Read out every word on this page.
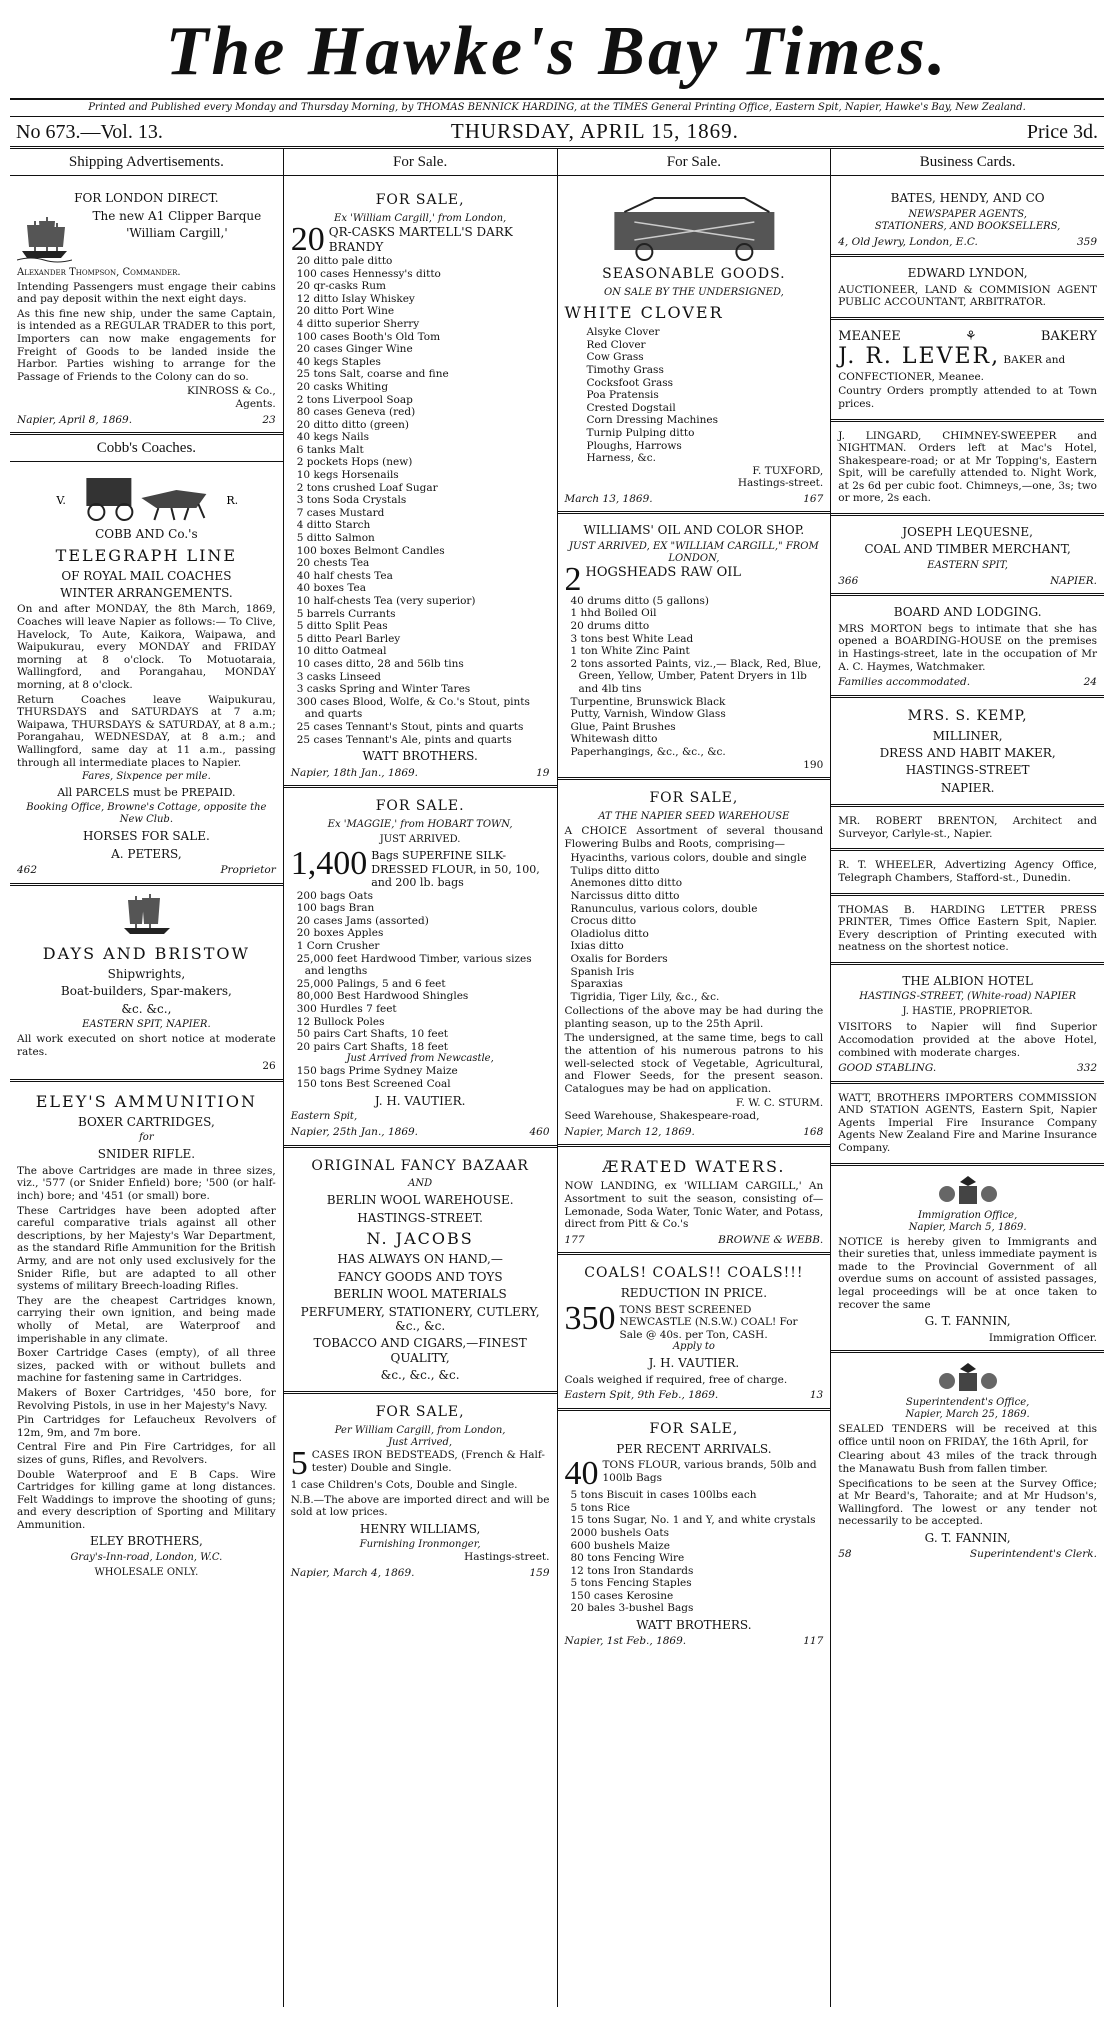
The Hawke's Bay Times.
Printed and Published every Monday and Thursday Morning, by THOMAS BENNICK HARDING, at the TIMES General Printing Office, Eastern Spit, Napier, Hawke's Bay, New Zealand.
No 673.—Vol. 13.	THURSDAY, APRIL 15, 1869.	Price 3d.
Shipping Advertisements.
FOR LONDON DIRECT.
The new A1 Clipper Barque
'William Cargill,'
Alexander Thompson, Commander.

Intending Passengers must engage their cabins and pay deposit within the next eight days.

As this fine new ship, under the same Captain, is intended as a REGULAR TRADER to this port, Importers can now make engagements for Freight of Goods to be landed inside the Harbor. Parties wishing to arrange for the Passage of Friends to the Colony can do so.

KINROSS & Co.,
Agents.
Napier, April 8, 1869.	23
Cobb's Coaches.
V.	R.
COBB AND Co.'s
TELEGRAPH LINE
OF ROYAL MAIL COACHES
WINTER ARRANGEMENTS.

On and after MONDAY, the 8th March, 1869, Coaches will leave Napier as follows:— To Clive, Havelock, To Aute, Kaikora, Waipawa, and Waipukurau, every MONDAY and FRIDAY morning at 8 o'clock. To Motuotaraia, Wallingford, and Porangahau, MONDAY morning, at 8 o'clock.

Return Coaches leave Waipukurau, THURSDAYS and SATURDAYS at 7 a.m; Waipawa, THURSDAYS & SATURDAY, at 8 a.m.; Porangahau, WEDNESDAY, at 8 a.m.; and Wallingford, same day at 11 a.m., passing through all intermediate places to Napier.

Fares, Sixpence per mile.
All PARCELS must be PREPAID.
Booking Office, Browne's Cottage, opposite the New Club.
HORSES FOR SALE.
A. PETERS,
462	Proprietor
DAYS AND BRISTOW
Shipwrights,
Boat-builders, Spar-makers,
&c. &c.,
EASTERN SPIT, NAPIER.

All work executed on short notice at moderate rates.

26
ELEY'S AMMUNITION
BOXER CARTRIDGES,
for
SNIDER RIFLE.

The above Cartridges are made in three sizes, viz., '577 (or Snider Enfield) bore; '500 (or half-inch) bore; and '451 (or small) bore.

These Cartridges have been adopted after careful comparative trials against all other descriptions, by her Majesty's War Department, as the standard Rifle Ammunition for the British Army, and are not only used exclusively for the Snider Rifle, but are adapted to all other systems of military Breech-loading Rifles.

They are the cheapest Cartridges known, carrying their own ignition, and being made wholly of Metal, are Waterproof and imperishable in any climate.

Boxer Cartridge Cases (empty), of all three sizes, packed with or without bullets and machine for fastening same in Cartridges.

Makers of Boxer Cartridges, '450 bore, for Revolving Pistols, in use in her Majesty's Navy.

Pin Cartridges for Lefaucheux Revolvers of 12m, 9m, and 7m bore.

Central Fire and Pin Fire Cartridges, for all sizes of guns, Rifles, and Revolvers.

Double Waterproof and E B Caps. Wire Cartridges for killing game at long distances. Felt Waddings to improve the shooting of guns; and every description of Sporting and Military Ammunition.

ELEY BROTHERS,
Gray's-Inn-road, London, W.C.
WHOLESALE ONLY.
For Sale.
FOR SALE,
Ex 'William Cargill,' from London,
20 QR-CASKS MARTELL'S DARK BRANDY
20 ditto pale ditto
100 cases Hennessy's ditto
20 qr-casks Rum
12 ditto Islay Whiskey
20 ditto Port Wine
4 ditto superior Sherry
100 cases Booth's Old Tom
20 cases Ginger Wine
40 kegs Staples
25 tons Salt, coarse and fine
20 casks Whiting
2 tons Liverpool Soap
80 cases Geneva (red)
20 ditto ditto (green)
40 kegs Nails
6 tanks Malt
2 pockets Hops (new)
10 kegs Horsenails
2 tons crushed Loaf Sugar
3 tons Soda Crystals
7 cases Mustard
4 ditto Starch
5 ditto Salmon
100 boxes Belmont Candles
20 chests Tea
40 half chests Tea
40 boxes Tea
10 half-chests Tea (very superior)
5 barrels Currants
5 ditto Split Peas
5 ditto Pearl Barley
10 ditto Oatmeal
10 cases ditto, 28 and 56lb tins
3 casks Linseed
3 casks Spring and Winter Tares
300 cases Blood, Wolfe, & Co.'s Stout, pints and quarts
25 cases Tennant's Stout, pints and quarts
25 cases Tennant's Ale, pints and quarts
WATT BROTHERS.
Napier, 18th Jan., 1869.	19
FOR SALE.
Ex 'MAGGIE,' from HOBART TOWN,
JUST ARRIVED.
1,400 Bags SUPERFINE SILK-DRESSED FLOUR, in 50, 100, and 200 lb. bags
200 bags Oats
100 bags Bran
20 cases Jams (assorted)
20 boxes Apples
1 Corn Crusher
25,000 feet Hardwood Timber, various sizes and lengths
25,000 Palings, 5 and 6 feet
80,000 Best Hardwood Shingles
300 Hurdles 7 feet
12 Bullock Poles
50 pairs Cart Shafts, 10 feet
20 pairs Cart Shafts, 18 feet
Just Arrived from Newcastle,
150 bags Prime Sydney Maize
150 tons Best Screened Coal
J. H. VAUTIER.
Eastern Spit,
Napier, 25th Jan., 1869.	460
ORIGINAL FANCY BAZAAR
AND
BERLIN WOOL WAREHOUSE.
HASTINGS-STREET.
N. JACOBS
HAS ALWAYS ON HAND,—
FANCY GOODS AND TOYS
BERLIN WOOL MATERIALS
PERFUMERY, STATIONERY, CUTLERY, &c., &c.
TOBACCO AND CIGARS,—FINEST QUALITY,
&c., &c., &c.
FOR SALE,
Per William Cargill, from London,
Just Arrived,
5 CASES IRON BEDSTEADS, (French & Half-tester) Double and Single.

1 case Children's Cots, Double and Single.

N.B.—The above are imported direct and will be sold at low prices.

HENRY WILLIAMS,
Furnishing Ironmonger,
Hastings-street.
Napier, March 4, 1869.	159
For Sale.
SEASONABLE GOODS.
ON SALE BY THE UNDERSIGNED,
WHITE CLOVER
Alsyke Clover
Red Clover
Cow Grass
Timothy Grass
Cocksfoot Grass
Poa Pratensis
Crested Dogstail
Corn Dressing Machines
Turnip Pulping ditto
Ploughs, Harrows
Harness, &c.
F. TUXFORD,
Hastings-street.
March 13, 1869.	167
WILLIAMS' OIL AND COLOR SHOP.
JUST ARRIVED, EX "WILLIAM CARGILL," FROM LONDON,
2 HOGSHEADS RAW OIL
40 drums ditto (5 gallons)
1 hhd Boiled Oil
20 drums ditto
3 tons best White Lead
1 ton White Zinc Paint
2 tons assorted Paints, viz.,— Black, Red, Blue, Green, Yellow, Umber, Patent Dryers in 1lb and 4lb tins
Turpentine, Brunswick Black
Putty, Varnish, Window Glass
Glue, Paint Brushes
Whitewash ditto
Paperhangings, &c., &c., &c.
190
FOR SALE,
AT THE NAPIER SEED WAREHOUSE

A CHOICE Assortment of several thousand Flowering Bulbs and Roots, comprising—

Hyacinths, various colors, double and single
Tulips ditto ditto
Anemones ditto ditto
Narcissus ditto ditto
Ranunculus, various colors, double
Crocus ditto
Oladiolus ditto
Ixias ditto
Oxalis for Borders
Spanish Iris
Sparaxias
Tigridia, Tiger Lily, &c., &c.

Collections of the above may be had during the planting season, up to the 25th April.

The undersigned, at the same time, begs to call the attention of his numerous patrons to his well-selected stock of Vegetable, Agricultural, and Flower Seeds, for the present season. Catalogues may be had on application.

F. W. C. STURM.
Seed Warehouse, Shakespeare-road,
Napier, March 12, 1869.	168
ÆRATED WATERS.

NOW LANDING, ex 'WILLIAM CARGILL,' An Assortment to suit the season, consisting of— Lemonade, Soda Water, Tonic Water, and Potass, direct from Pitt & Co.'s

177	BROWNE & WEBB.
COALS! COALS!! COALS!!!
REDUCTION IN PRICE.
350 TONS BEST SCREENED NEWCASTLE (N.S.W.) COAL! For Sale @ 40s. per Ton, CASH.
Apply to
J. H. VAUTIER.

Coals weighed if required, free of charge.

Eastern Spit, 9th Feb., 1869.	13
FOR SALE,
PER RECENT ARRIVALS.
40 TONS FLOUR, various brands, 50lb and 100lb Bags
5 tons Biscuit in cases 100lbs each
5 tons Rice
15 tons Sugar, No. 1 and Y, and white crystals
2000 bushels Oats
600 bushels Maize
80 tons Fencing Wire
12 tons Iron Standards
5 tons Fencing Staples
150 cases Kerosine
20 bales 3-bushel Bags
WATT BROTHERS.
Napier, 1st Feb., 1869.	117
Business Cards.
BATES, HENDY, AND CO
NEWSPAPER AGENTS,
STATIONERS, AND BOOKSELLERS,
4, Old Jewry, London, E.C.	359
EDWARD LYNDON,

AUCTIONEER, LAND & COMMISION AGENT PUBLIC ACCOUNTANT, ARBITRATOR.

MEANEE	⚘	BAKERY
J. R. LEVER, BAKER and CONFECTIONER, Meanee.

Country Orders promptly attended to at Town prices.

J. LINGARD, CHIMNEY-SWEEPER and NIGHTMAN. Orders left at Mac's Hotel, Shakespeare-road; or at Mr Topping's, Eastern Spit, will be carefully attended to. Night Work, at 2s 6d per cubic foot. Chimneys,—one, 3s; two or more, 2s each.

JOSEPH LEQUESNE,
COAL AND TIMBER MERCHANT,
EASTERN SPIT,
366	NAPIER.
BOARD AND LODGING.

MRS MORTON begs to intimate that she has opened a BOARDING-HOUSE on the premises in Hastings-street, late in the occupation of Mr A. C. Haymes, Watchmaker.

Families accommodated.	24
MRS. S. KEMP,
MILLINER,
DRESS AND HABIT MAKER,
HASTINGS-STREET
NAPIER.

MR. ROBERT BRENTON, Architect and Surveyor, Carlyle-st., Napier.

R. T. WHEELER, Advertizing Agency Office, Telegraph Chambers, Stafford-st., Dunedin.

THOMAS B. HARDING LETTER PRESS PRINTER, Times Office Eastern Spit, Napier. Every description of Printing executed with neatness on the shortest notice.

THE ALBION HOTEL
HASTINGS-STREET, (White-road) NAPIER
J. HASTIE, PROPRIETOR.

VISITORS to Napier will find Superior Accomodation provided at the above Hotel, combined with moderate charges.

GOOD STABLING.	332

WATT, BROTHERS IMPORTERS COMMISSION AND STATION AGENTS, Eastern Spit, Napier Agents Imperial Fire Insurance Company Agents New Zealand Fire and Marine Insurance Company.

Immigration Office,
Napier, March 5, 1869.

NOTICE is hereby given to Immigrants and their sureties that, unless immediate payment is made to the Provincial Government of all overdue sums on account of assisted passages, legal proceedings will be at once taken to recover the same

G. T. FANNIN,
Immigration Officer.
Superintendent's Office,
Napier, March 25, 1869.

SEALED TENDERS will be received at this office until noon on FRIDAY, the 16th April, for

Clearing about 43 miles of the track through the Manawatu Bush from fallen timber.

Specifications to be seen at the Survey Office; at Mr Beard's, Tahoraite; and at Mr Hudson's, Wallingford. The lowest or any tender not necessarily to be accepted.

G. T. FANNIN,
58	Superintendent's Clerk.
